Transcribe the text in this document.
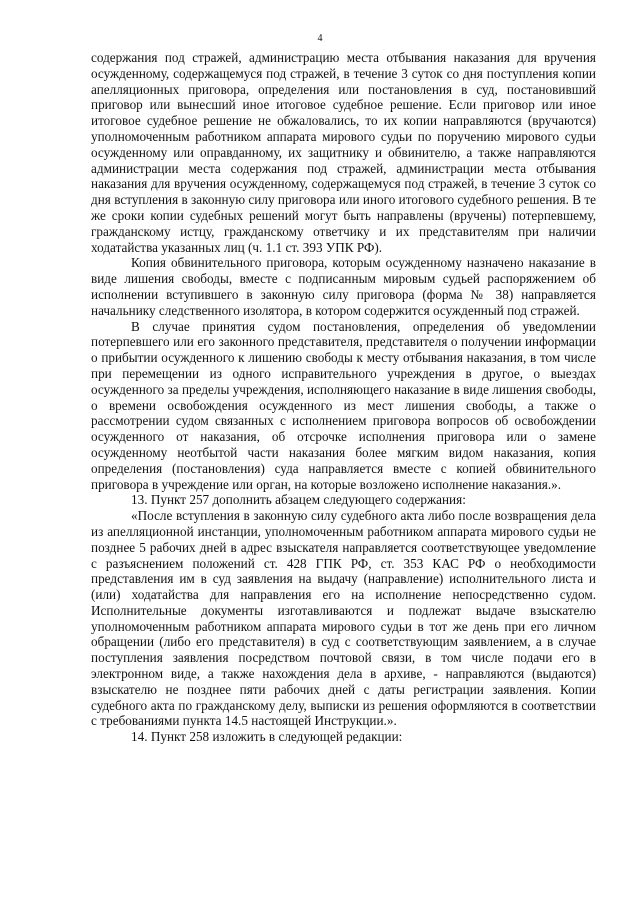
4

содержания под стражей, администрацию места отбывания наказания для вручения осужденному, содержащемуся под стражей, в течение 3 суток со дня поступления копии апелляционных приговора, определения или постановления в суд, постановивший приговор или вынесший иное итоговое судебное решение. Если приговор или иное итоговое судебное решение не обжаловались, то их копии направляются (вручаются) уполномоченным работником аппарата мирового судьи по поручению мирового судьи осужденному или оправданному, их защитнику и обвинителю, а также направляются администрации места содержания под стражей, администрации места отбывания наказания для вручения осужденному, содержащемуся под стражей, в течение 3 суток со дня вступления в законную силу приговора или иного итогового судебного решения. В те же сроки копии судебных решений могут быть направлены (вручены) потерпевшему, гражданскому истцу, гражданскому ответчику и их представителям при наличии ходатайства указанных лиц (ч. 1.1 ст. 393 УПК РФ).

Копия обвинительного приговора, которым осужденному назначено наказание в виде лишения свободы, вместе с подписанным мировым судьей распоряжением об исполнении вступившего в законную силу приговора (форма № 38) направляется начальнику следственного изолятора, в котором содержится осужденный под стражей.

В случае принятия судом постановления, определения об уведомлении потерпевшего или его законного представителя, представителя о получении информации о прибытии осужденного к лишению свободы к месту отбывания наказания, в том числе при перемещении из одного исправительного учреждения в другое, о выездах осужденного за пределы учреждения, исполняющего наказание в виде лишения свободы, о времени освобождения осужденного из мест лишения свободы, а также о рассмотрении судом связанных с исполнением приговора вопросов об освобождении осужденного от наказания, об отсрочке исполнения приговора или о замене осужденному неотбытой части наказания более мягким видом наказания, копия определения (постановления) суда направляется вместе с копией обвинительного приговора в учреждение или орган, на которые возложено исполнение наказания.».

13. Пункт 257 дополнить абзацем следующего содержания:

«После вступления в законную силу судебного акта либо после возвращения дела из апелляционной инстанции, уполномоченным работником аппарата мирового судьи не позднее 5 рабочих дней в адрес взыскателя направляется соответствующее уведомление с разъяснением положений ст. 428 ГПК РФ, ст. 353 КАС РФ о необходимости представления им в суд заявления на выдачу (направление) исполнительного листа и (или) ходатайства для направления его на исполнение непосредственно судом. Исполнительные документы изготавливаются и подлежат выдаче взыскателю уполномоченным работником аппарата мирового судьи в тот же день при его личном обращении (либо его представителя) в суд с соответствующим заявлением, а в случае поступления заявления посредством почтовой связи, в том числе подачи его в электронном виде, а также нахождения дела в архиве, - направляются (выдаются) взыскателю не позднее пяти рабочих дней с даты регистрации заявления. Копии судебного акта по гражданскому делу, выписки из решения оформляются в соответствии с требованиями пункта 14.5 настоящей Инструкции.».

14. Пункт 258 изложить в следующей редакции:
